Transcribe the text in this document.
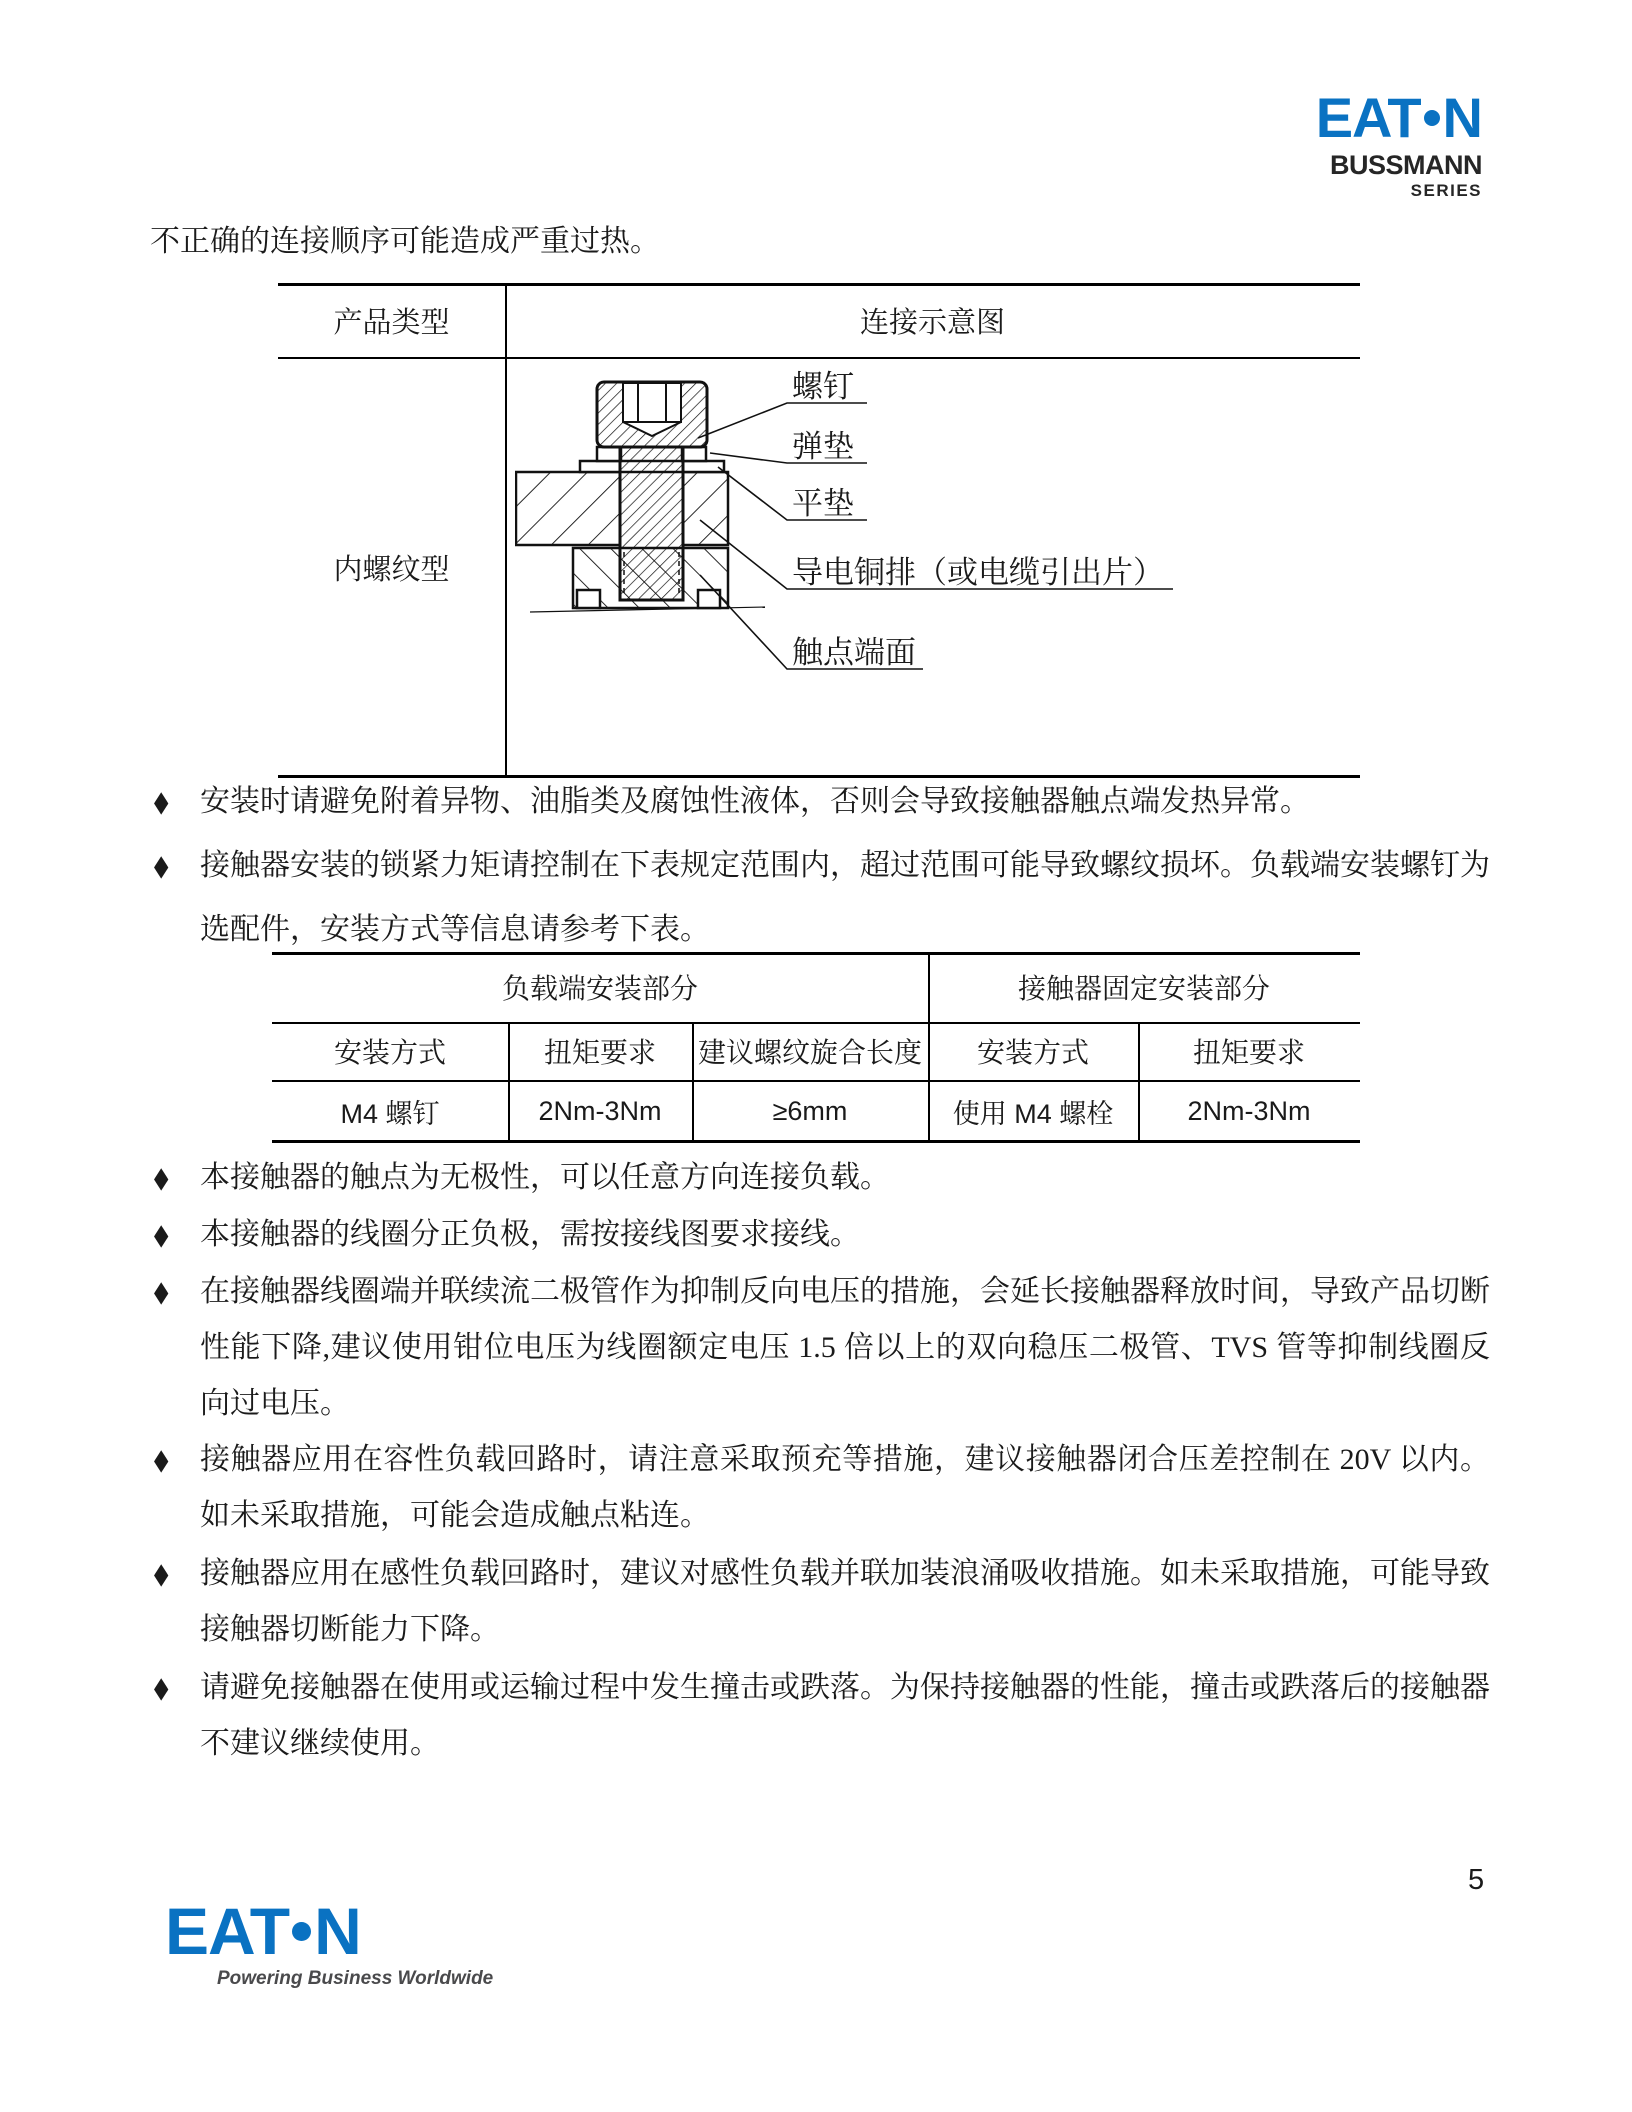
EAT N
BUSSMANN
SERIES
不正确的连接顺序可能造成严重过热。
产品类型	连接示意图
内螺纹型
螺钉
弹垫
平垫
导电铜排（或电缆引出片）
触点端面
◆ 安装时请避免附着异物、油脂类及腐蚀性液体，否则会导致接触器触点端发热异常。
◆ 接触器安装的锁紧力矩请控制在下表规定范围内，超过范围可能导致螺纹损坏。负载端安装螺钉为选配件，安装方式等信息请参考下表。
负载端安装部分	接触器固定安装部分
安装方式	扭矩要求	建议螺纹旋合长度	安装方式	扭矩要求
M4 螺钉	2Nm-3Nm	≥6mm	使用 M4 螺栓	2Nm-3Nm
◆ 本接触器的触点为无极性，可以任意方向连接负载。
◆ 本接触器的线圈分正负极，需按接线图要求接线。
◆ 在接触器线圈端并联续流二极管作为抑制反向电压的措施，会延长接触器释放时间，导致产品切断性能下降,建议使用钳位电压为线圈额定电压 1.5 倍以上的双向稳压二极管、TVS 管等抑制线圈反向过电压。
◆ 接触器应用在容性负载回路时，请注意采取预充等措施，建议接触器闭合压差控制在 20V 以内。如未采取措施，可能会造成触点粘连。
◆ 接触器应用在感性负载回路时，建议对感性负载并联加装浪涌吸收措施。如未采取措施，可能导致接触器切断能力下降。
◆ 请避免接触器在使用或运输过程中发生撞击或跌落。为保持接触器的性能，撞击或跌落后的接触器不建议继续使用。
5
EAT N
Powering Business Worldwide
